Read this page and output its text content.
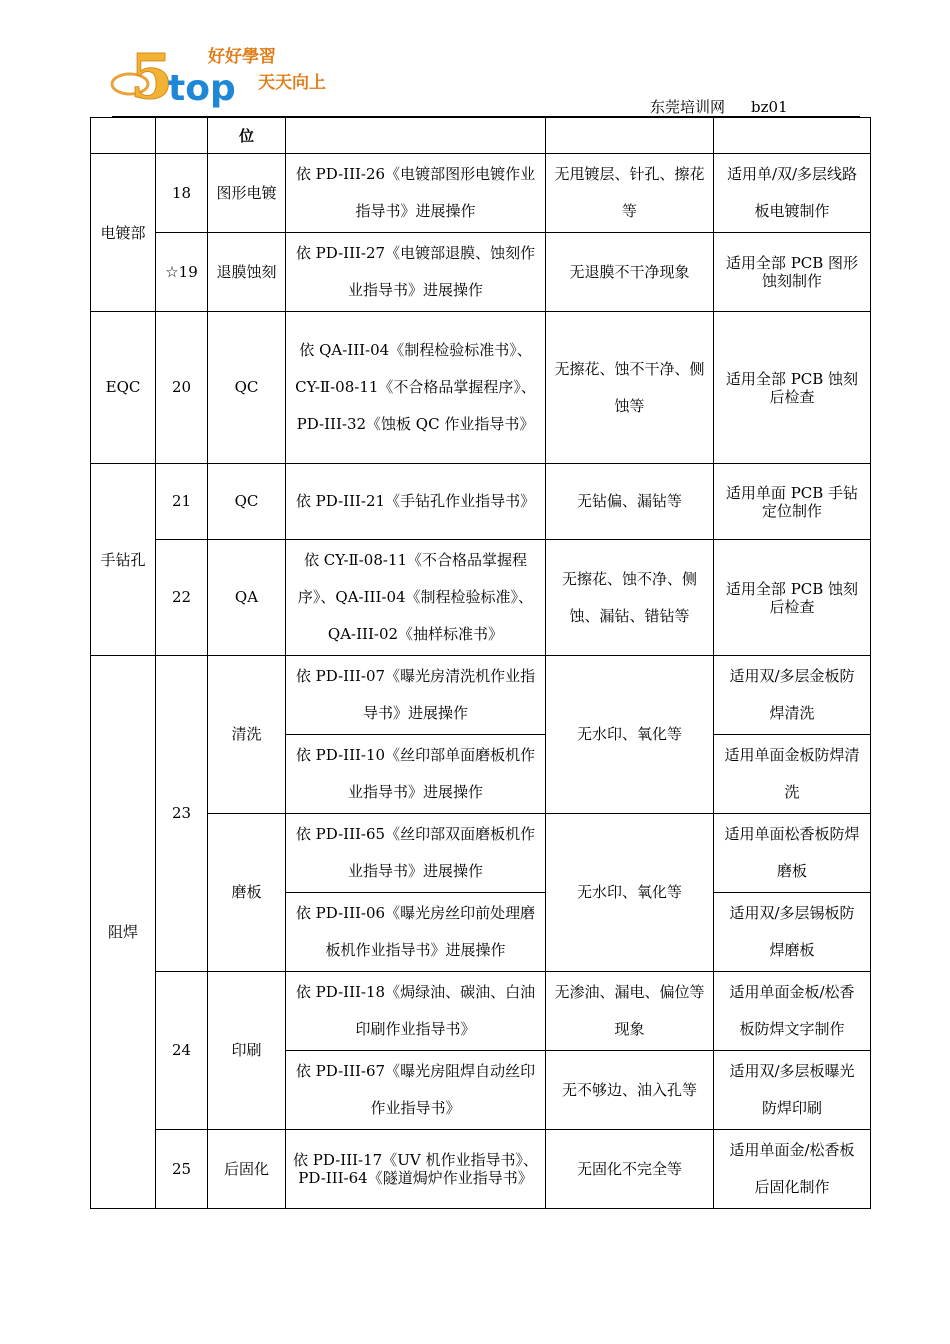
5
top
好好學習
天天向上
东莞培训网 bz01
		位			
电镀部	18	图形电镀	依 PD-III-26《电镀部图形电镀作业指导书》进展操作	无甩镀层、针孔、擦花等	适用单/双/多层线路板电镀制作
	☆19	退膜蚀刻	依 PD-III-27《电镀部退膜、蚀刻作业指导书》进展操作	无退膜不干净现象	适用全部 PCB 图形蚀刻制作
EQC	20	QC	依 QA-III-04《制程检验标准书》、CY-Ⅱ-08-11《不合格品掌握程序》、PD-III-32《蚀板 QC 作业指导书》	无擦花、蚀不干净、侧蚀等	适用全部 PCB 蚀刻后检查
手钻孔	21	QC	依 PD-III-21《手钻孔作业指导书》	无钻偏、漏钻等	适用单面 PCB 手钻定位制作
	22	QA	依 CY-Ⅱ-08-11《不合格品掌握程序》、QA-III-04《制程检验标准》、QA-III-02《抽样标准书》	无擦花、蚀不净、侧蚀、漏钻、错钻等	适用全部 PCB 蚀刻后检查
阻焊	23	清洗	依 PD-III-07《曝光房清洗机作业指导书》进展操作	无水印、氧化等	适用双/多层金板防焊清洗
			依 PD-III-10《丝印部单面磨板机作业指导书》进展操作		适用单面金板防焊清洗
		磨板	依 PD-III-65《丝印部双面磨板机作业指导书》进展操作	无水印、氧化等	适用单面松香板防焊磨板
			依 PD-III-06《曝光房丝印前处理磨板机作业指导书》进展操作		适用双/多层锡板防焊磨板
	24	印刷	依 PD-III-18《焗绿油、碳油、白油印刷作业指导书》	无渗油、漏电、偏位等现象	适用单面金板/松香板防焊文字制作
			依 PD-III-67《曝光房阻焊自动丝印作业指导书》	无不够边、油入孔等	适用双/多层板曝光防焊印刷
	25	后固化	依 PD-III-17《UV 机作业指导书》、PD-III-64《隧道焗炉作业指导书》	无固化不完全等	适用单面金/松香板后固化制作
